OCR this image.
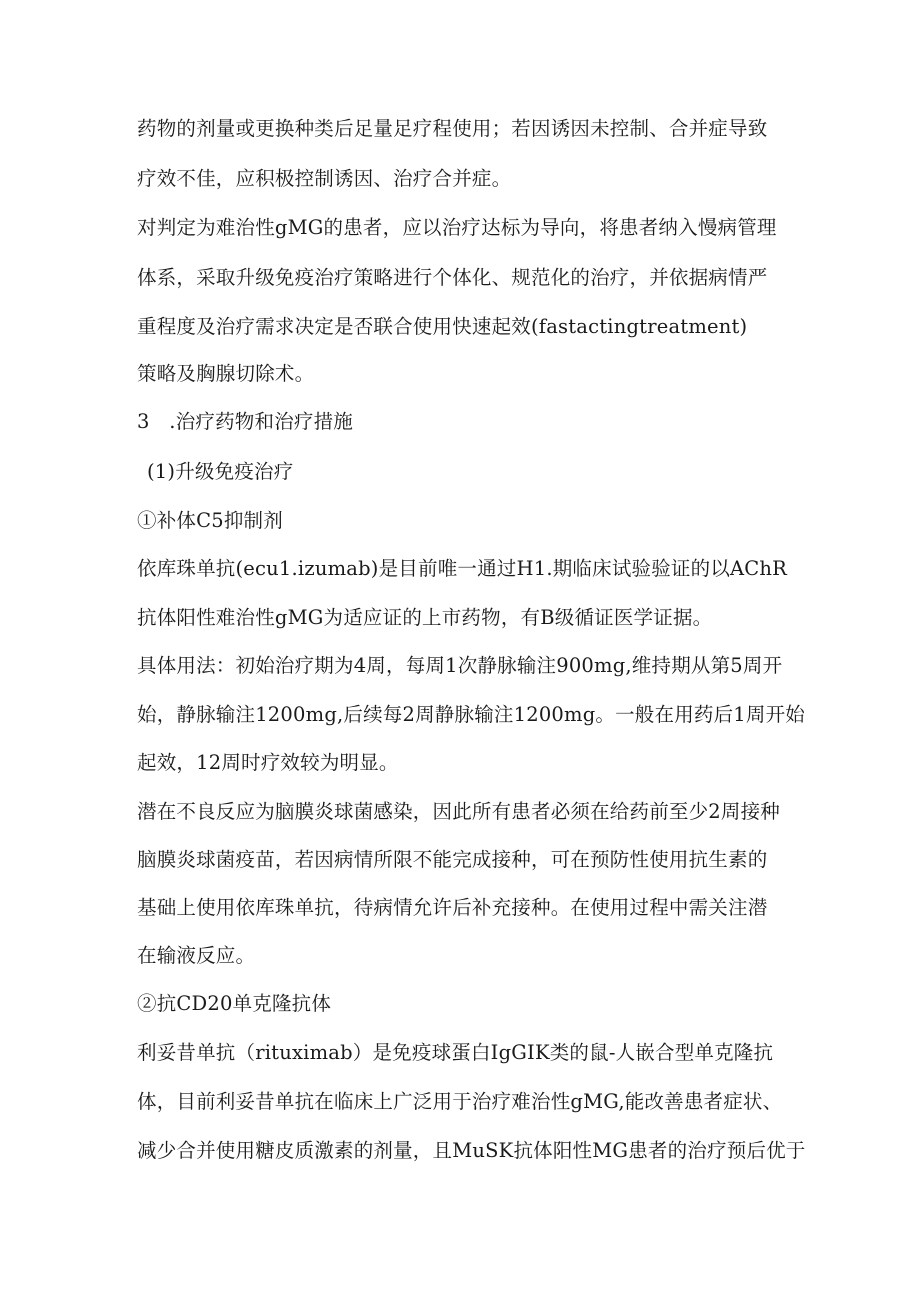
药物的剂量或更换种类后足量足疗程使用；若因诱因未控制、合并症导致
疗效不佳，应积极控制诱因、治疗合并症。
对判定为难治性gMG的患者，应以治疗达标为导向，将患者纳入慢病管理
体系，采取升级免疫治疗策略进行个体化、规范化的治疗，并依据病情严
重程度及治疗需求决定是否联合使用快速起效(fastactingtreatment)
策略及胸腺切除术。
3　.治疗药物和治疗措施
(1)升级免疫治疗
①补体C5抑制剂
依库珠单抗(ecu1.izumab)是目前唯一通过H1.期临床试验验证的以AChR
抗体阳性难治性gMG为适应证的上市药物，有B级循证医学证据。
具体用法：初始治疗期为4周，每周1次静脉输注900mg,维持期从第5周开
始，静脉输注1200mg,后续每2周静脉输注1200mg。一般在用药后1周开始
起效，12周时疗效较为明显。
潜在不良反应为脑膜炎球菌感染，因此所有患者必须在给药前至少2周接种
脑膜炎球菌疫苗，若因病情所限不能完成接种，可在预防性使用抗生素的
基础上使用依库珠单抗，待病情允许后补充接种。在使用过程中需关注潜
在输液反应。
②抗CD20单克隆抗体
利妥昔单抗（rituximab）是免疫球蛋白IgGIK类的鼠-人嵌合型单克隆抗
体，目前利妥昔单抗在临床上广泛用于治疗难治性gMG,能改善患者症状、
减少合并使用糖皮质激素的剂量，且MuSK抗体阳性MG患者的治疗预后优于
